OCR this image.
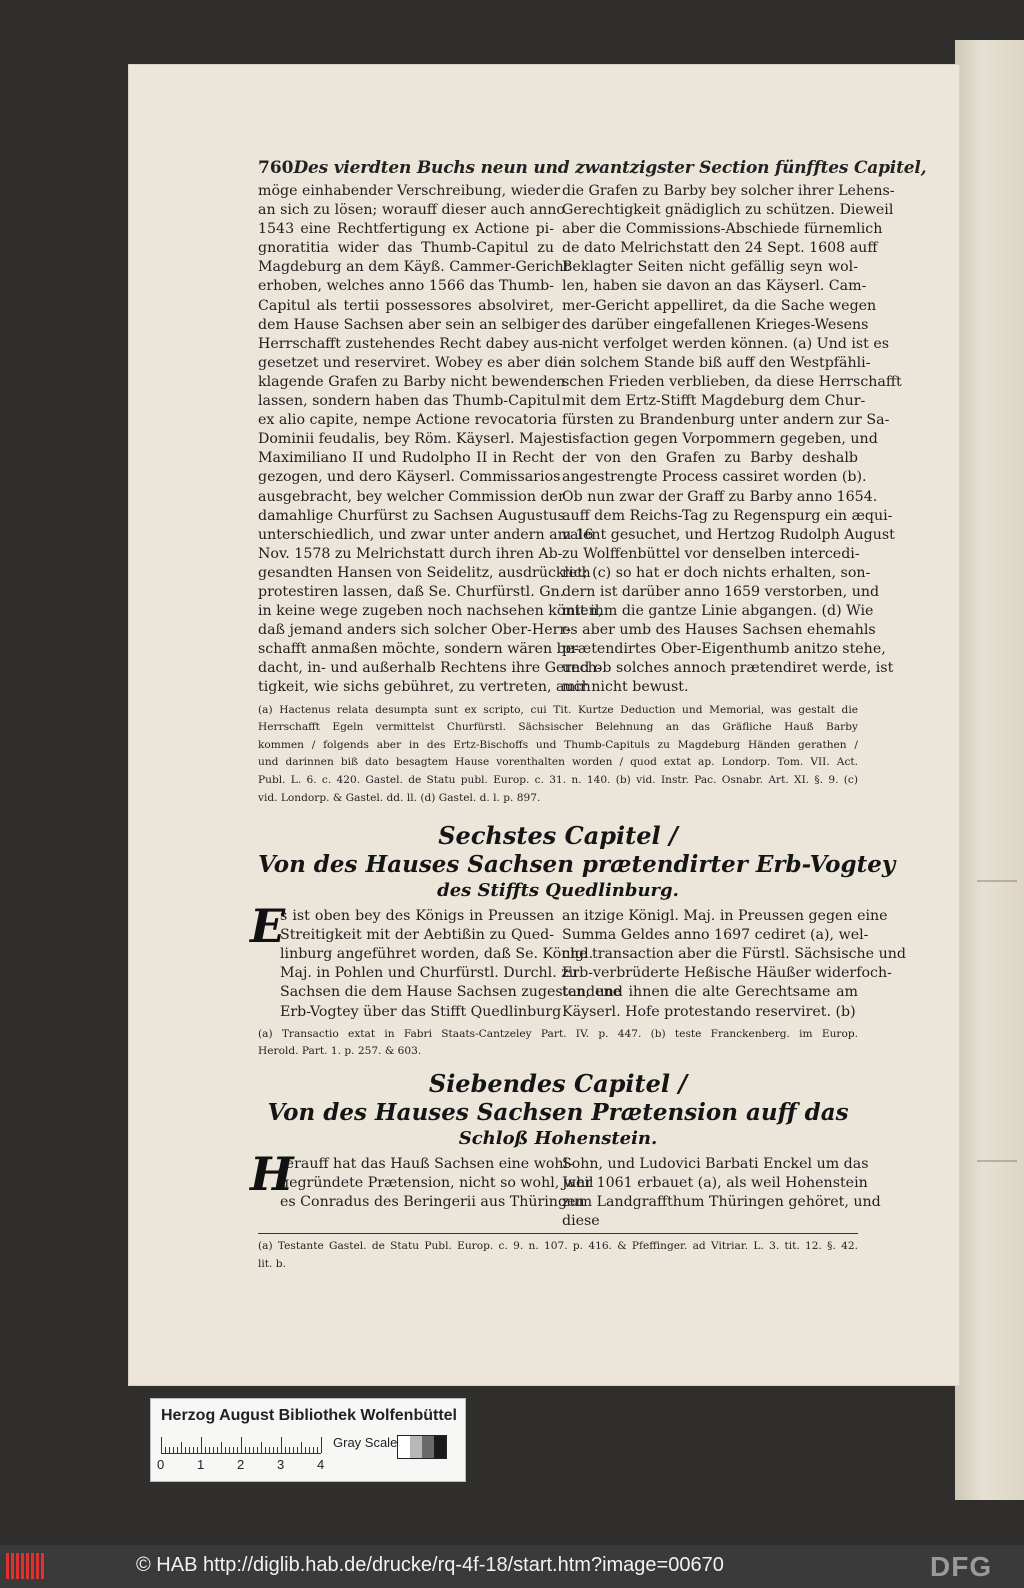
760 Des vierdten Buchs neun und zwantzigster Section fünfftes Capitel,
möge einhabender Verschreibung, wieder
an sich zu lösen; worauff dieser auch anno
1543 eine Rechtfertigung ex Actione pi-
gnoratitia wider das Thumb-Capitul zu
Magdeburg an dem Käyß. Cammer-Gericht
erhoben, welches anno 1566 das Thumb-
Capitul als tertii possessores absolviret,
dem Hause Sachsen aber sein an selbiger
Herrschafft zustehendes Recht dabey aus-
gesetzet und reserviret. Wobey es aber die
klagende Grafen zu Barby nicht bewenden
lassen, sondern haben das Thumb-Capitul
ex alio capite, nempe Actione revocatoria
Dominii feudalis, bey Röm. Käyserl. Majest.
Maximiliano II und Rudolpho II in Recht
gezogen, und dero Käyserl. Commissarios
ausgebracht, bey welcher Commission der
damahlige Churfürst zu Sachsen Augustus
unterschiedlich, und zwar unter andern am 16
Nov. 1578 zu Melrichstatt durch ihren Ab-
gesandten Hansen von Seidelitz, ausdrücklich
protestiren lassen, daß Se. Churfürstl. Gn.
in keine wege zugeben noch nachsehen könten,
daß jemand anders sich solcher Ober-Herr-
schafft anmaßen möchte, sondern wären be-
dacht, in- und außerhalb Rechtens ihre Gerech-
tigkeit, wie sichs gebühret, zu vertreten, auch
die Grafen zu Barby bey solcher ihrer Lehens-
Gerechtigkeit gnädiglich zu schützen. Dieweil
aber die Commissions-Abschiede fürnemlich
de dato Melrichstatt den 24 Sept. 1608 auff
Beklagter Seiten nicht gefällig seyn wol-
len, haben sie davon an das Käyserl. Cam-
mer-Gericht appelliret, da die Sache wegen
des darüber eingefallenen Krieges-Wesens
nicht verfolget werden können. (a) Und ist es
in solchem Stande biß auff den Westpfähli-
schen Frieden verblieben, da diese Herrschafft
mit dem Ertz-Stifft Magdeburg dem Chur-
fürsten zu Brandenburg unter andern zur Sa-
tisfaction gegen Vorpommern gegeben, und
der von den Grafen zu Barby deshalb
angestrengte Process cassiret worden (b).
Ob nun zwar der Graff zu Barby anno 1654.
auff dem Reichs-Tag zu Regenspurg ein æqui-
valent gesuchet, und Hertzog Rudolph August
zu Wolffenbüttel vor denselben intercedi-
ret; (c) so hat er doch nichts erhalten, son-
dern ist darüber anno 1659 verstorben, und
mit ihm die gantze Linie abgangen. (d) Wie
es aber umb des Hauses Sachsen ehemahls
prætendirtes Ober-Eigenthumb anitzo stehe,
und ob solches annoch prætendiret werde, ist
mir nicht bewust.
(a) Hactenus relata desumpta sunt ex scripto, cui Tit. Kurtze Deduction und Memorial, was gestalt die
Herrschafft Egeln vermittelst Churfürstl. Sächsischer Belehnung an das Gräfliche Hauß Barby
kommen / folgends aber in des Ertz-Bischoffs und Thumb-Capituls zu Magdeburg Händen gerathen /
und darinnen biß dato besagtem Hause vorenthalten worden / quod extat ap. Londorp. Tom. VII. Act.
Publ. L. 6. c. 420. Gastel. de Statu publ. Europ. c. 31. n. 140. (b) vid. Instr. Pac. Osnabr. Art. XI. §. 9. (c)
vid. Londorp. & Gastel. dd. ll. (d) Gastel. d. l. p. 897.
Sechstes Capitel /
Von des Hauses Sachsen prætendirter Erb-Vogtey
des Stiffts Quedlinburg.
E
s ist oben bey des Königs in Preussen
Streitigkeit mit der Aebtißin zu Qued-
linburg angeführet worden, daß Se. Königl.
Maj. in Pohlen und Churfürstl. Durchl. zu
Sachsen die dem Hause Sachsen zugestandene
Erb-Vogtey über das Stifft Quedlinburg
an itzige Königl. Maj. in Preussen gegen eine
Summa Geldes anno 1697 cediret (a), wel-
che transaction aber die Fürstl. Sächsische und
Erb-verbrüderte Heßische Häußer widerfoch-
ten, und ihnen die alte Gerechtsame am
Käyserl. Hofe protestando reserviret. (b)
(a) Transactio extat in Fabri Staats-Cantzeley Part. IV. p. 447. (b) teste Franckenberg. im Europ.
Herold. Part. 1. p. 257. & 603.
Siebendes Capitel /
Von des Hauses Sachsen Prætension auff das
Schloß Hohenstein.
H
Jerauff hat das Hauß Sachsen eine wohl-
gegründete Prætension, nicht so wohl, weil
es Conradus des Beringerii aus Thüringen
Sohn, und Ludovici Barbati Enckel um das
Jahr 1061 erbauet (a), als weil Hohenstein
zum Landgraffthum Thüringen gehöret, und
diese
(a) Testante Gastel. de Statu Publ. Europ. c. 9. n. 107. p. 416. & Pfeffinger. ad Vitriar. L. 3. tit. 12. §. 42.
lit. b.
Herzog August Bibliothek Wolfenbüttel
0	1	2	3	4
Gray Scale
© HAB http://diglib.hab.de/drucke/rq-4f-18/start.htm?image=00670	DFG
